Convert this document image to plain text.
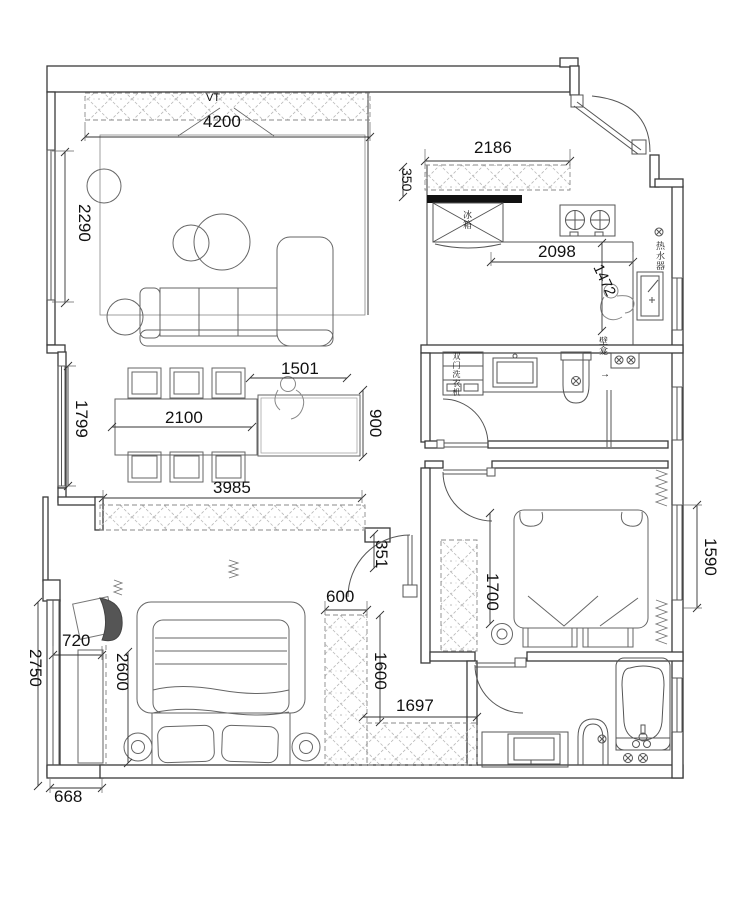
4200
VT
2290
2186
350
2098
1472
热水器
冰箱
壁龛
→
双门洗衣机
1799	2100
1501
900
3985
351
720
2600
2750
668
600
1600
1697
1700
1590
